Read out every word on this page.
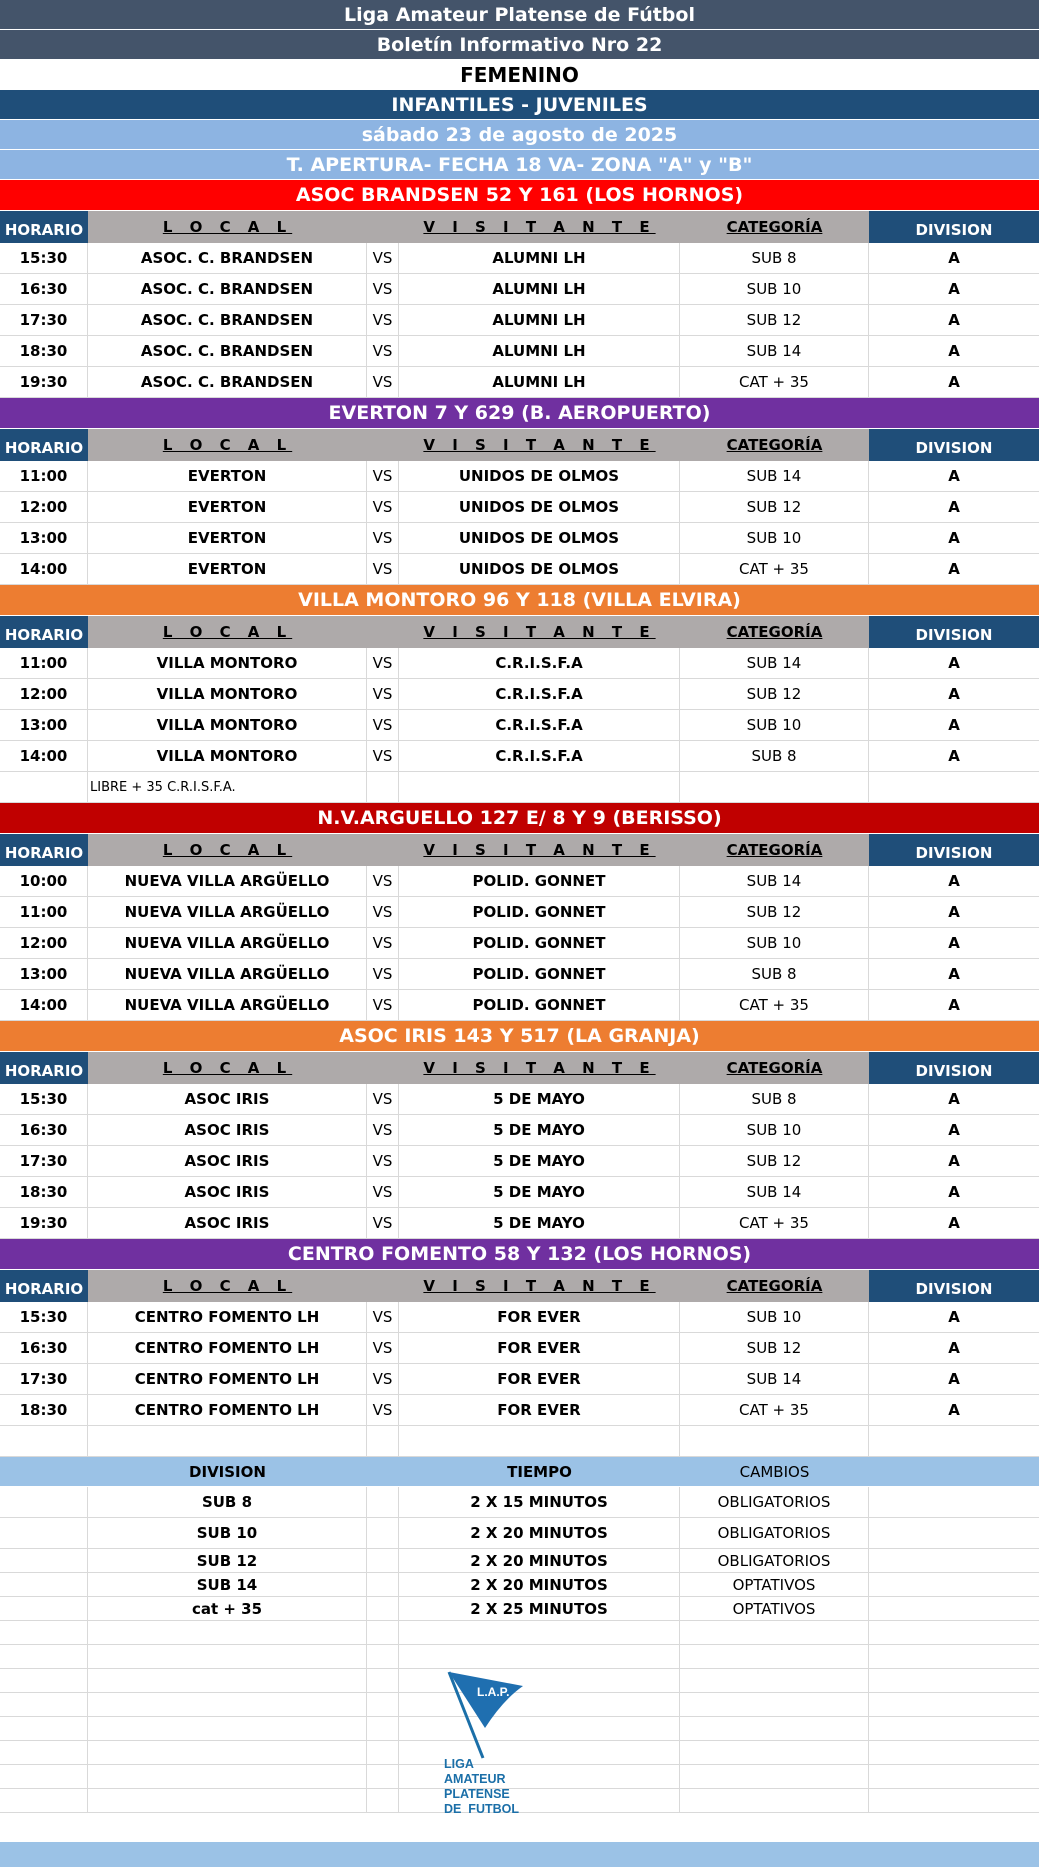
Liga Amateur Platense de Fútbol
Boletín Informativo Nro 22
FEMENINO
INFANTILES - JUVENILES
sábado 23 de agosto de 2025
T. APERTURA- FECHA 18 VA- ZONA "A" y "B"
ASOC BRANDSEN 52 Y 161 (LOS HORNOS)
HORARIO	L O C A L	V I S I T A N T E	CATEGORÍA	DIVISION
15:30	ASOC. C. BRANDSEN	VS	ALUMNI LH	SUB 8	A
16:30	ASOC. C. BRANDSEN	VS	ALUMNI LH	SUB 10	A
17:30	ASOC. C. BRANDSEN	VS	ALUMNI LH	SUB 12	A
18:30	ASOC. C. BRANDSEN	VS	ALUMNI LH	SUB 14	A
19:30	ASOC. C. BRANDSEN	VS	ALUMNI LH	CAT + 35	A
EVERTON 7 Y 629 (B. AEROPUERTO)
HORARIO	L O C A L	V I S I T A N T E	CATEGORÍA	DIVISION
11:00	EVERTON	VS	UNIDOS DE OLMOS	SUB 14	A
12:00	EVERTON	VS	UNIDOS DE OLMOS	SUB 12	A
13:00	EVERTON	VS	UNIDOS DE OLMOS	SUB 10	A
14:00	EVERTON	VS	UNIDOS DE OLMOS	CAT + 35	A
VILLA MONTORO 96 Y 118 (VILLA ELVIRA)
HORARIO	L O C A L	V I S I T A N T E	CATEGORÍA	DIVISION
11:00	VILLA MONTORO	VS	C.R.I.S.F.A	SUB 14	A
12:00	VILLA MONTORO	VS	C.R.I.S.F.A	SUB 12	A
13:00	VILLA MONTORO	VS	C.R.I.S.F.A	SUB 10	A
14:00	VILLA MONTORO	VS	C.R.I.S.F.A	SUB 8	A
LIBRE + 35 C.R.I.S.F.A.
N.V.ARGUELLO 127 E/ 8 Y 9 (BERISSO)
HORARIO	L O C A L	V I S I T A N T E	CATEGORÍA	DIVISION
10:00	NUEVA VILLA ARGÜELLO	VS	POLID. GONNET	SUB 14	A
11:00	NUEVA VILLA ARGÜELLO	VS	POLID. GONNET	SUB 12	A
12:00	NUEVA VILLA ARGÜELLO	VS	POLID. GONNET	SUB 10	A
13:00	NUEVA VILLA ARGÜELLO	VS	POLID. GONNET	SUB 8	A
14:00	NUEVA VILLA ARGÜELLO	VS	POLID. GONNET	CAT + 35	A
ASOC IRIS 143 Y 517 (LA GRANJA)
HORARIO	L O C A L	V I S I T A N T E	CATEGORÍA	DIVISION
15:30	ASOC IRIS	VS	5 DE MAYO	SUB 8	A
16:30	ASOC IRIS	VS	5 DE MAYO	SUB 10	A
17:30	ASOC IRIS	VS	5 DE MAYO	SUB 12	A
18:30	ASOC IRIS	VS	5 DE MAYO	SUB 14	A
19:30	ASOC IRIS	VS	5 DE MAYO	CAT + 35	A
CENTRO FOMENTO 58 Y 132 (LOS HORNOS)
HORARIO	L O C A L	V I S I T A N T E	CATEGORÍA	DIVISION
15:30	CENTRO FOMENTO LH	VS	FOR EVER	SUB 10	A
16:30	CENTRO FOMENTO LH	VS	FOR EVER	SUB 12	A
17:30	CENTRO FOMENTO LH	VS	FOR EVER	SUB 14	A
18:30	CENTRO FOMENTO LH	VS	FOR EVER	CAT + 35	A
DIVISION	TIEMPO	CAMBIOS
SUB 8	2 X 15 MINUTOS	OBLIGATORIOS
SUB 10	2 X 20 MINUTOS	OBLIGATORIOS
SUB 12	2 X 20 MINUTOS	OBLIGATORIOS
SUB 14	2 X 20 MINUTOS	OPTATIVOS
cat + 35	2 X 25 MINUTOS	OPTATIVOS
L.A.P.
LIGA
AMATEUR
PLATENSE
DE  FUTBOL
